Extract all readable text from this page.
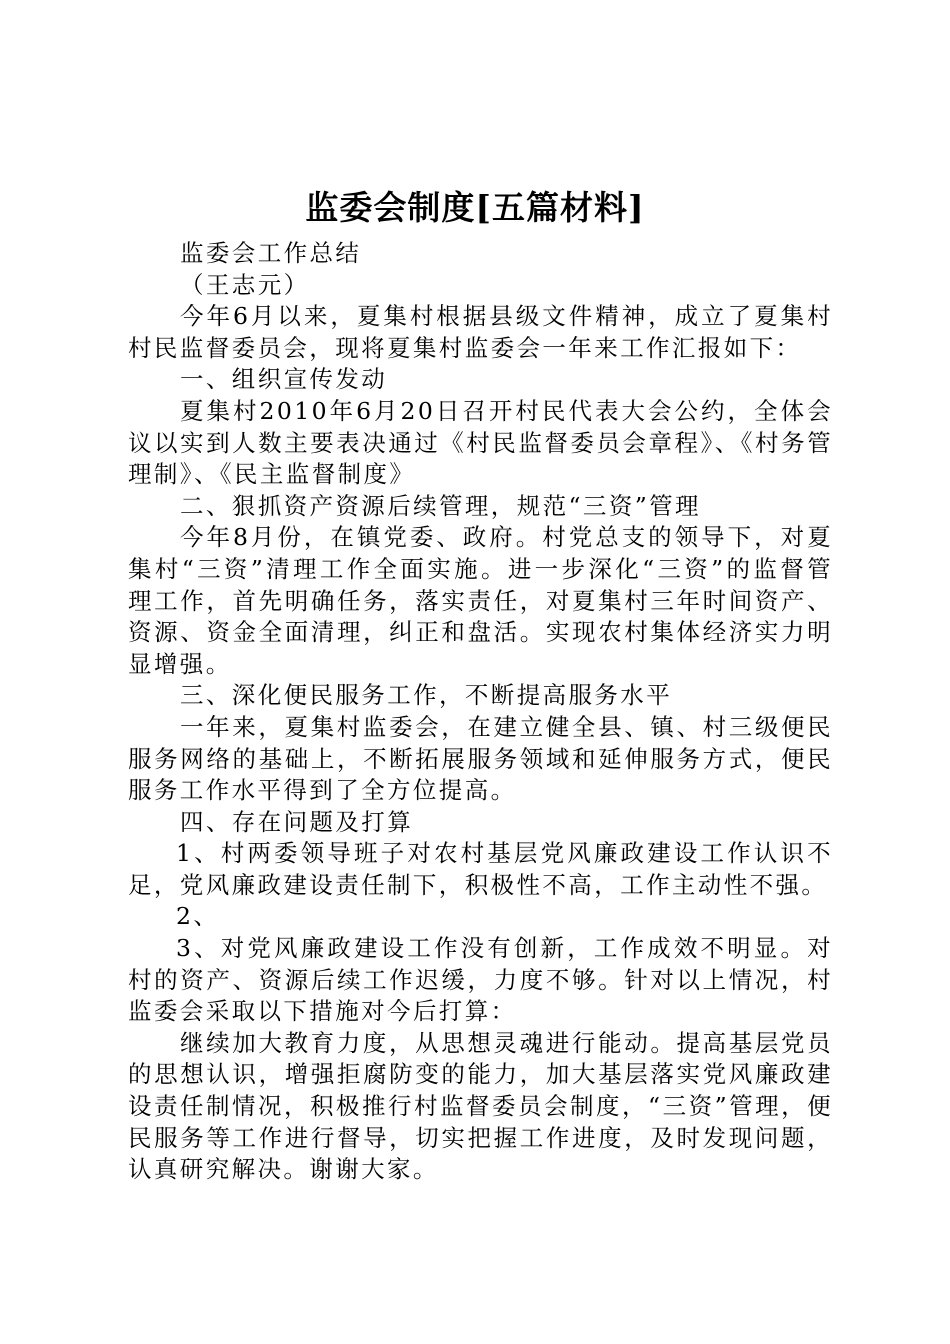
监委会制度[五篇材料]

监委会工作总结

（王志元）

今年6月以来，夏集村根据县级文件精神，成立了夏集村村民监督委员会，现将夏集村监委会一年来工作汇报如下：

一、组织宣传发动

夏集村2010年6月20日召开村民代表大会公约，全体会议以实到人数主要表决通过《村民监督委员会章程》、《村务管理制》、《民主监督制度》

二、狠抓资产资源后续管理，规范“三资”管理

今年8月份，在镇党委、政府。村党总支的领导下，对夏集村“三资”清理工作全面实施。进一步深化“三资”的监督管理工作，首先明确任务，落实责任，对夏集村三年时间资产、资源、资金全面清理，纠正和盘活。实现农村集体经济实力明显增强。

三、深化便民服务工作，不断提高服务水平

一年来，夏集村监委会，在建立健全县、镇、村三级便民服务网络的基础上，不断拓展服务领域和延伸服务方式，便民服务工作水平得到了全方位提高。

四、存在问题及打算

1、村两委领导班子对农村基层党风廉政建设工作认识不足，党风廉政建设责任制下，积极性不高，工作主动性不强。

2、

3、对党风廉政建设工作没有创新，工作成效不明显。对村的资产、资源后续工作迟缓，力度不够。针对以上情况，村监委会采取以下措施对今后打算：

继续加大教育力度，从思想灵魂进行能动。提高基层党员的思想认识，增强拒腐防变的能力，加大基层落实党风廉政建设责任制情况，积极推行村监督委员会制度，“三资”管理，便民服务等工作进行督导，切实把握工作进度，及时发现问题，认真研究解决。谢谢大家。
